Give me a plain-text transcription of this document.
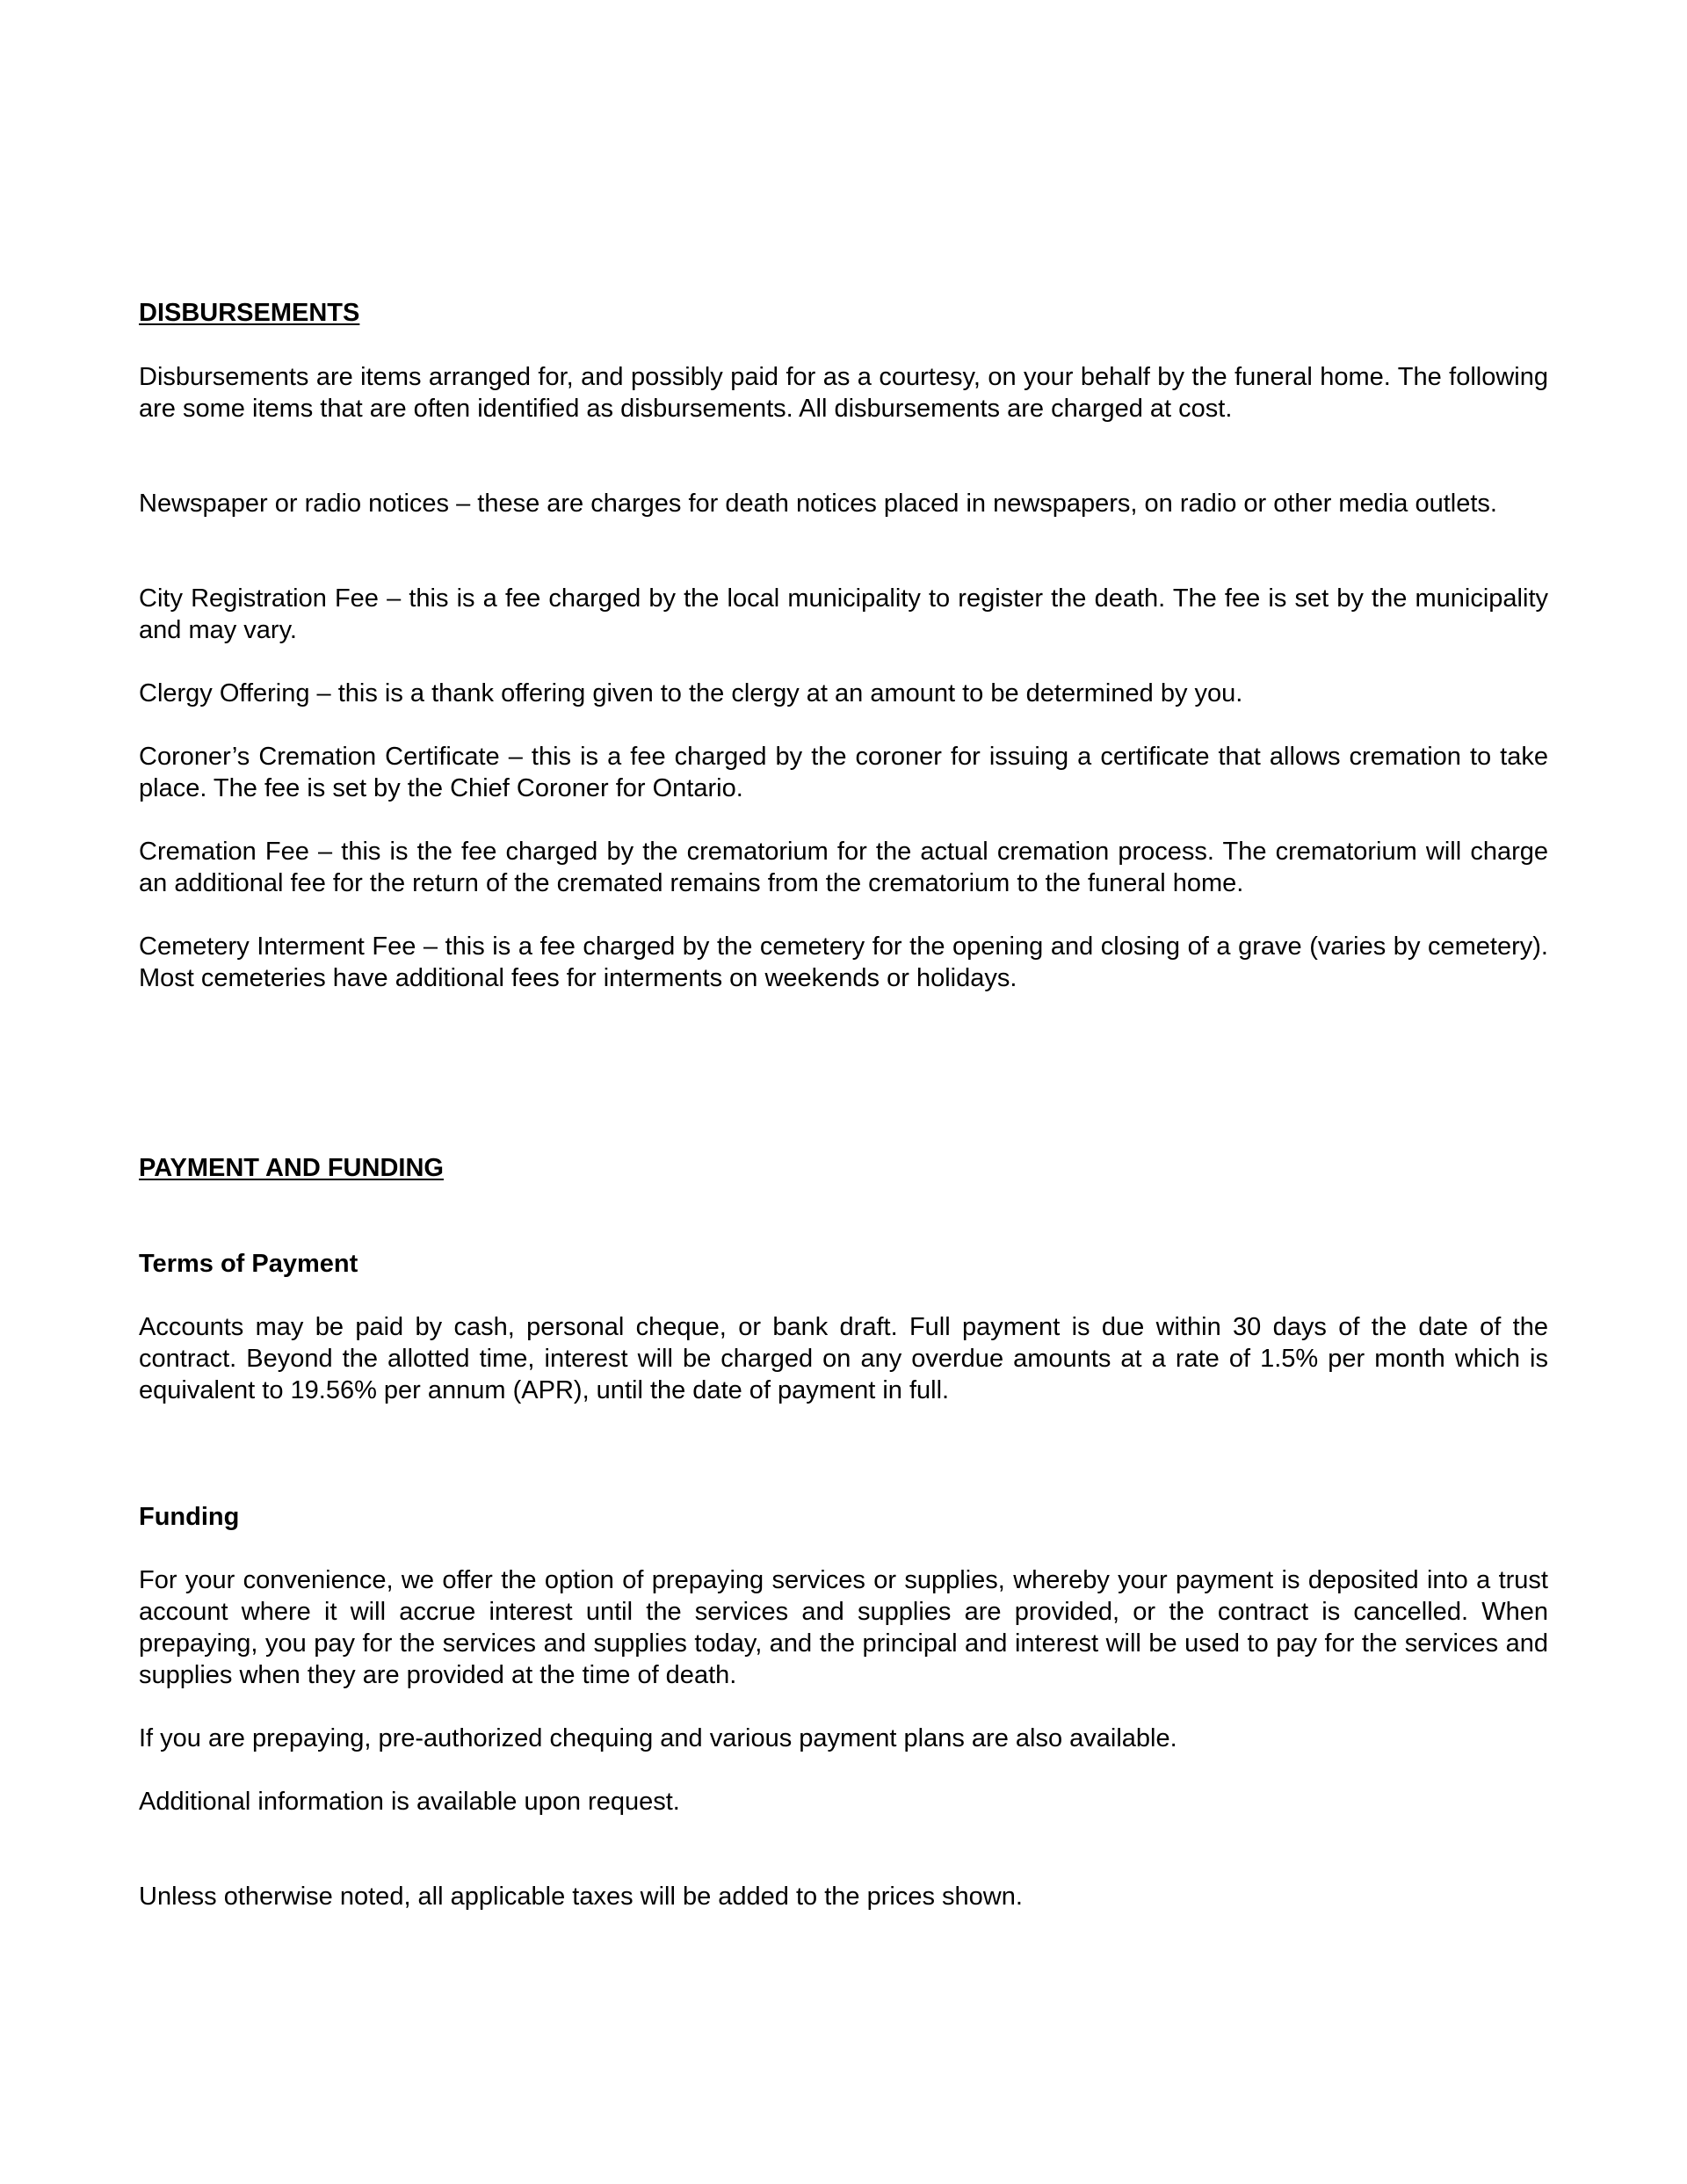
DISBURSEMENTS

Disbursements are items arranged for, and possibly paid for as a courtesy, on your behalf by the funeral home. The following are some items that are often identified as disbursements. All disbursements are charged at cost.

Newspaper or radio notices – these are charges for death notices placed in newspapers, on radio or other media outlets.

City Registration Fee – this is a fee charged by the local municipality to register the death. The fee is set by the municipality and may vary.

Clergy Offering – this is a thank offering given to the clergy at an amount to be determined by you.

Coroner’s Cremation Certificate – this is a fee charged by the coroner for issuing a certificate that allows cremation to take place. The fee is set by the Chief Coroner for Ontario.

Cremation Fee – this is the fee charged by the crematorium for the actual cremation process. The crematorium will charge an additional fee for the return of the cremated remains from the crematorium to the funeral home.

Cemetery Interment Fee – this is a fee charged by the cemetery for the opening and closing of a grave (varies by cemetery). Most cemeteries have additional fees for interments on weekends or holidays.

PAYMENT AND FUNDING

Terms of Payment

Accounts may be paid by cash, personal cheque, or bank draft. Full payment is due within 30 days of the date of the contract. Beyond the allotted time, interest will be charged on any overdue amounts at a rate of 1.5% per month which is equivalent to 19.56% per annum (APR), until the date of payment in full.

Funding

For your convenience, we offer the option of prepaying services or supplies, whereby your payment is deposited into a trust account where it will accrue interest until the services and supplies are provided, or the contract is cancelled. When prepaying, you pay for the services and supplies today, and the principal and interest will be used to pay for the services and supplies when they are provided at the time of death.

If you are prepaying, pre-authorized chequing and various payment plans are also available.

Additional information is available upon request.

Unless otherwise noted, all applicable taxes will be added to the prices shown.
